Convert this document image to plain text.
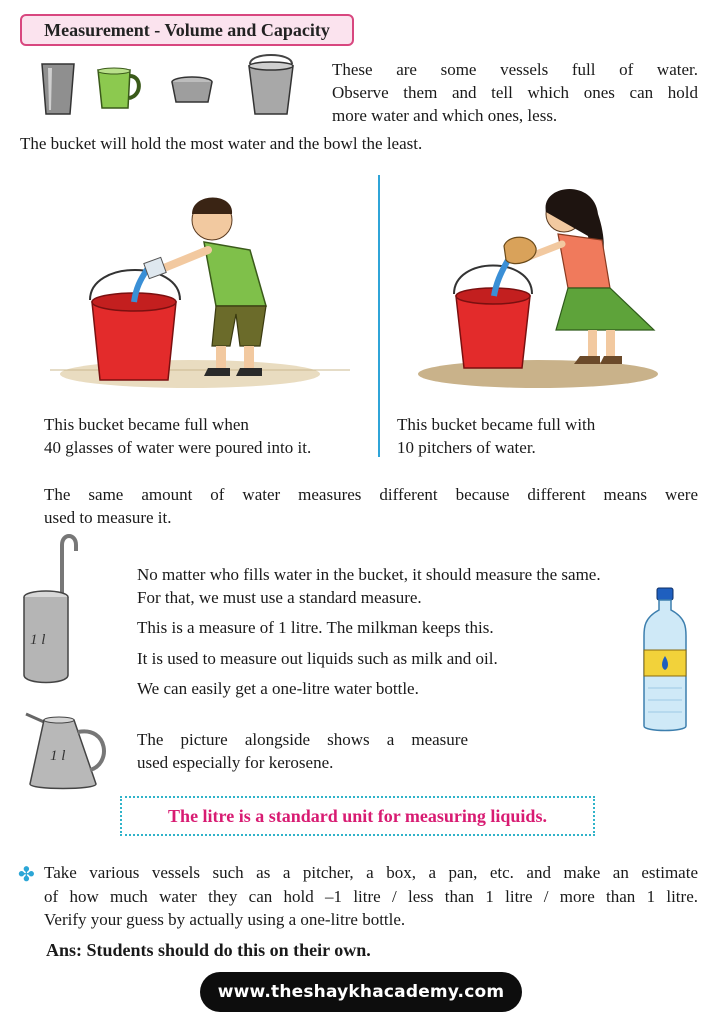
Measurement - Volume and Capacity
These are some vessels full of water.
Observe them and tell which ones can hold
more water and which ones, less.
The bucket will hold the most water and the bowl the least.
This bucket became full when
40 glasses of water were poured into it.
This bucket became full with
10 pitchers of water.
The same amount of water measures different because different means were
used to measure it.
1 l
No matter who fills water in the bucket, it should measure the same.
For that, we must use a standard measure.
This is a measure of 1 litre. The milkman keeps this.
It is used to measure out liquids such as milk and oil.
We can easily get a one-litre water bottle.
1 l
The picture alongside shows a measure
used especially for kerosene.
The litre is a standard unit for measuring liquids.
✤ Take various vessels such as a pitcher, a box, a pan, etc. and make an estimate
of how much water they can hold –1 litre / less than 1 litre / more than 1 litre.
Verify your guess by actually using a one-litre bottle.
Ans: Students should do this on their own.
www.theshaykhacademy.com
